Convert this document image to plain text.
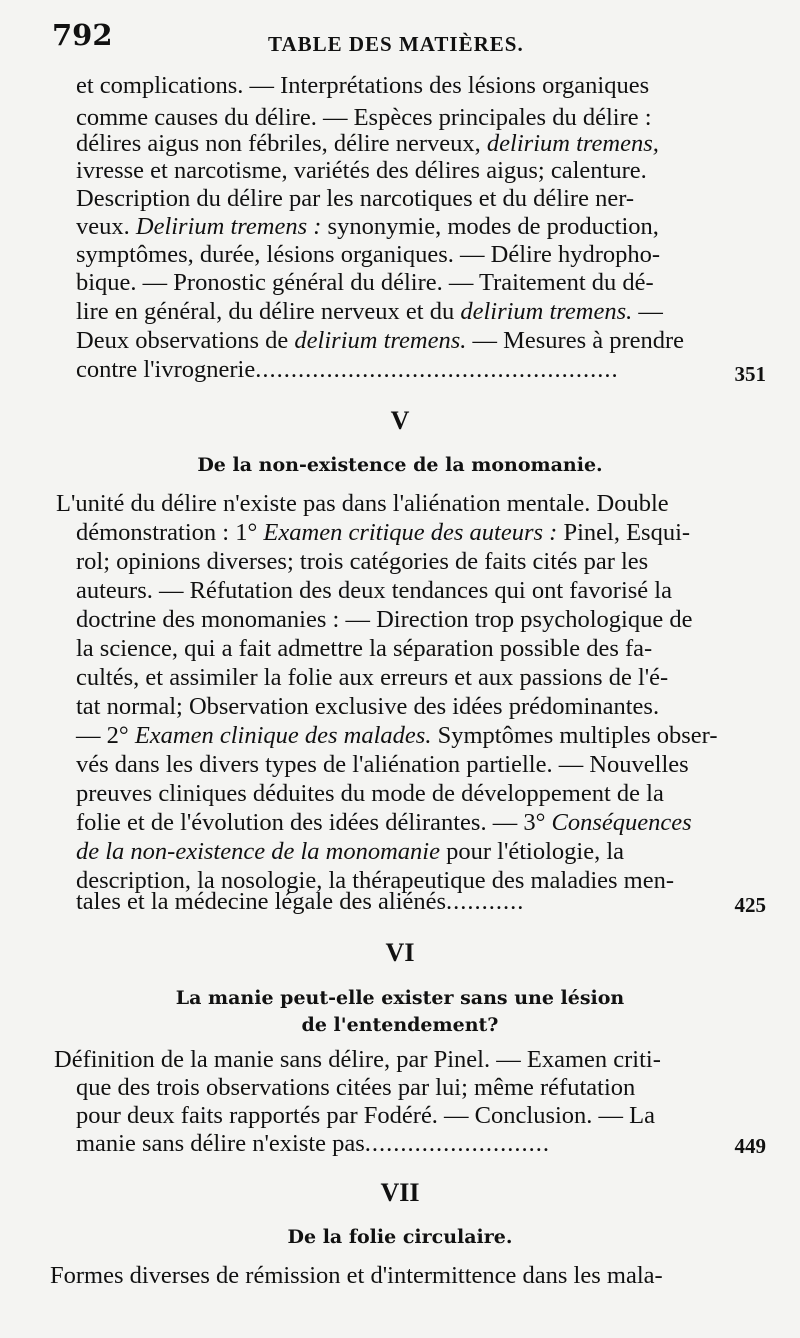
792	TABLE DES MATIÈRES.
et complications. — Interprétations des lésions organiques
comme causes du délire. — Espèces principales du délire :
délires aigus non fébriles, délire nerveux, delirium tremens,
ivresse et narcotisme, variétés des délires aigus; calenture.
Description du délire par les narcotiques et du délire ner-
veux. Delirium tremens : synonymie, modes de production,
symptômes, durée, lésions organiques. — Délire hydropho-
bique. — Pronostic général du délire. — Traitement du dé-
lire en général, du délire nerveux et du delirium tremens. —
Deux observations de delirium tremens. — Mesures à prendre
contre l'ivrognerie...................................................	351
V
De la non-existence de la monomanie.
L'unité du délire n'existe pas dans l'aliénation mentale. Double
démonstration : 1° Examen critique des auteurs : Pinel, Esqui-
rol; opinions diverses; trois catégories de faits cités par les
auteurs. — Réfutation des deux tendances qui ont favorisé la
doctrine des monomanies : — Direction trop psychologique de
la science, qui a fait admettre la séparation possible des fa-
cultés, et assimiler la folie aux erreurs et aux passions de l'é-
tat normal; Observation exclusive des idées prédominantes.
— 2° Examen clinique des malades. Symptômes multiples obser-
vés dans les divers types de l'aliénation partielle. — Nouvelles
preuves cliniques déduites du mode de développement de la
folie et de l'évolution des idées délirantes. — 3° Conséquences
de la non-existence de la monomanie pour l'étiologie, la
description, la nosologie, la thérapeutique des maladies men-
tales et la médecine légale des aliénés...........	425
VI
La manie peut-elle exister sans une lésion
de l'entendement?
Définition de la manie sans délire, par Pinel. — Examen criti-
que des trois observations citées par lui; même réfutation
pour deux faits rapportés par Fodéré. — Conclusion. — La
manie sans délire n'existe pas..........................	449
VII
De la folie circulaire.
Formes diverses de rémission et d'intermittence dans les mala-
